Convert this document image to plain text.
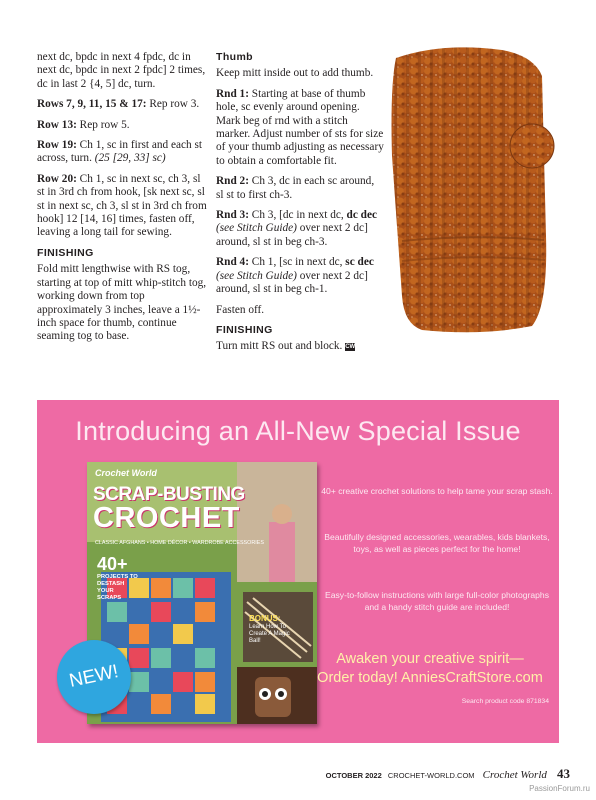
next dc, bpdc in next 4 fpdc, dc in next dc, bpdc in next 2 fpdc] 2 times, dc in last 2 {4, 5] dc, turn.

Rows 7, 9, 11, 15 & 17: Rep row 3.

Row 13: Rep row 5.

Row 19: Ch 1, sc in first and each st across, turn. (25 [29, 33] sc)

Row 20: Ch 1, sc in next sc, ch 3, sl st in 3rd ch from hook, [sk next sc, sl st in next sc, ch 3, sl st in 3rd ch from hook] 12 [14, 16] times, fasten off, leaving a long tail for sewing.

FINISHING

Fold mitt lengthwise with RS tog, starting at top of mitt whip-stitch tog, working down from top approximately 3 inches, leave a 1½-inch space for thumb, continue seaming tog to base.

Thumb

Keep mitt inside out to add thumb.

Rnd 1: Starting at base of thumb hole, sc evenly around opening. Mark beg of rnd with a stitch marker. Adjust number of sts for size of your thumb adjusting as necessary to obtain a comfortable fit.

Rnd 2: Ch 3, dc in each sc around, sl st to first ch-3.

Rnd 3: Ch 3, [dc in next dc, dc dec (see Stitch Guide) over next 2 dc] around, sl st in beg ch-3.

Rnd 4: Ch 1, [sc in next dc, sc dec (see Stitch Guide) over next 2 dc] around, sl st in beg ch-1.

Fasten off.

FINISHING

Turn mitt RS out and block. CW

Introducing an All-New Special Issue
Crochet World
SCRAP-BUSTING
CROCHET
CLASSIC AFGHANS • HOME DÉCOR • WARDROBE ACCESSORIES
40+
PROJECTS TO DESTASH YOUR SCRAPS
BONUS:
Learn How To Create A Magic Ball!
NEW!
40+ creative crochet solutions to help tame your scrap stash.
Beautifully designed accessories, wearables, kids blankets, toys, as well as pieces perfect for the home!
Easy-to-follow instructions with large full-color photographs and a handy stitch guide are included!
Awaken your creative spirit—
Order today! AnniesCraftStore.com
Search product code 871834
OCTOBER 2022 CROCHET-WORLD.COM Crochet World 43
PassionForum.ru
